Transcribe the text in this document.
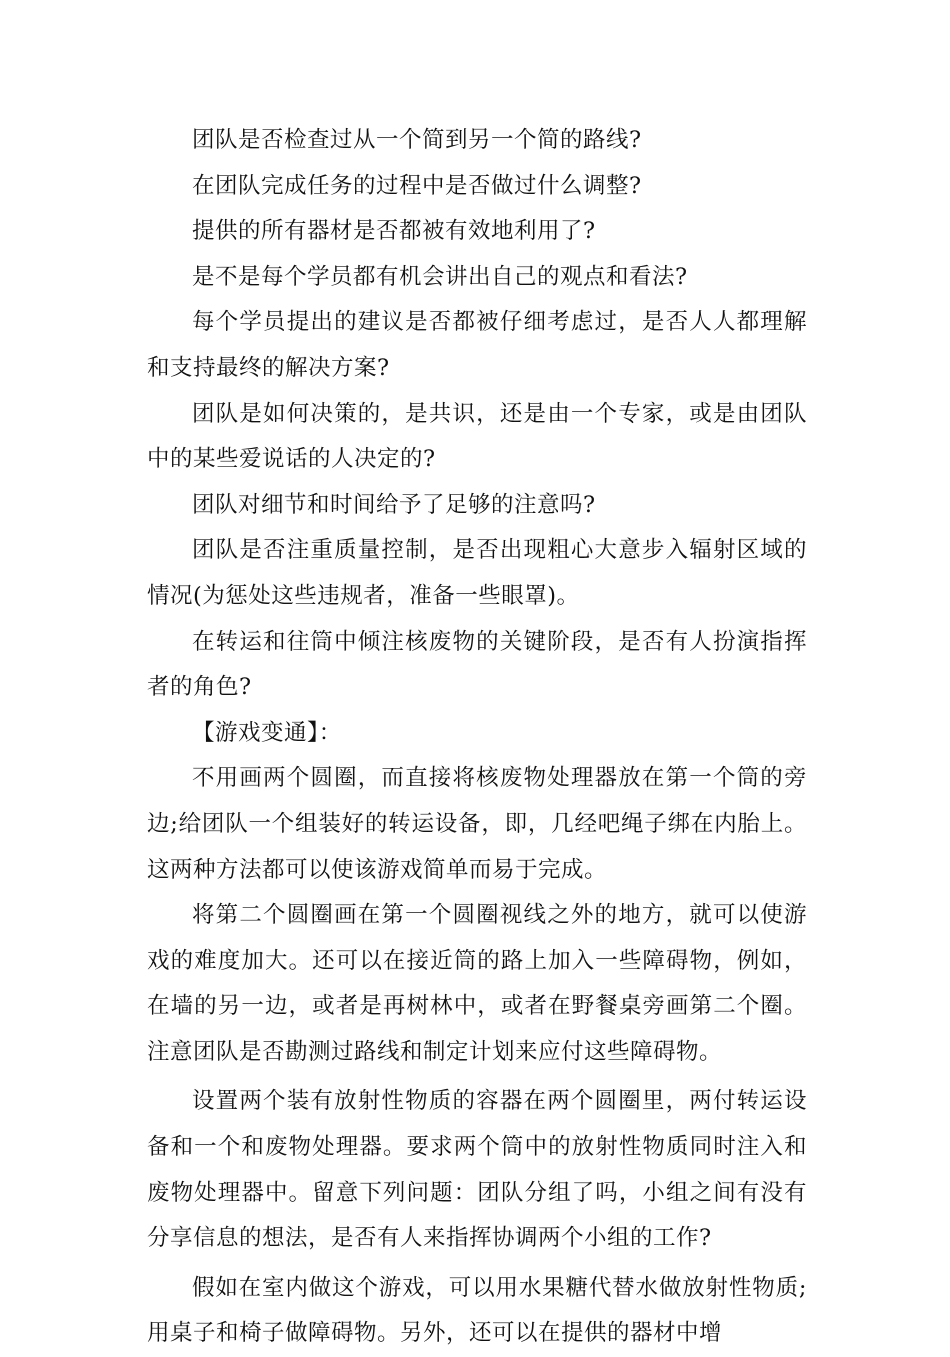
团队是否检查过从一个简到另一个简的路线?

在团队完成任务的过程中是否做过什么调整?

提供的所有器材是否都被有效地利用了?

是不是每个学员都有机会讲出自己的观点和看法?

每个学员提出的建议是否都被仔细考虑过，是否人人都理解和支持最终的解决方案?

团队是如何决策的，是共识，还是由一个专家，或是由团队中的某些爱说话的人决定的?

团队对细节和时间给予了足够的注意吗?

团队是否注重质量控制，是否出现粗心大意步入辐射区域的情况(为惩处这些违规者，准备一些眼罩)。

在转运和往筒中倾注核废物的关键阶段，是否有人扮演指挥者的角色?

【游戏变通】：

不用画两个圆圈，而直接将核废物处理器放在第一个筒的旁边;给团队一个组装好的转运设备，即，几经吧绳子绑在内胎上。这两种方法都可以使该游戏简单而易于完成。

将第二个圆圈画在第一个圆圈视线之外的地方，就可以使游戏的难度加大。还可以在接近筒的路上加入一些障碍物，例如，在墙的另一边，或者是再树林中，或者在野餐桌旁画第二个圈。注意团队是否勘测过路线和制定计划来应付这些障碍物。

设置两个装有放射性物质的容器在两个圆圈里，两付转运设备和一个和废物处理器。要求两个筒中的放射性物质同时注入和废物处理器中。留意下列问题：团队分组了吗，小组之间有没有分享信息的想法，是否有人来指挥协调两个小组的工作?

假如在室内做这个游戏，可以用水果糖代替水做放射性物质;用桌子和椅子做障碍物。另外，还可以在提供的器材中增
